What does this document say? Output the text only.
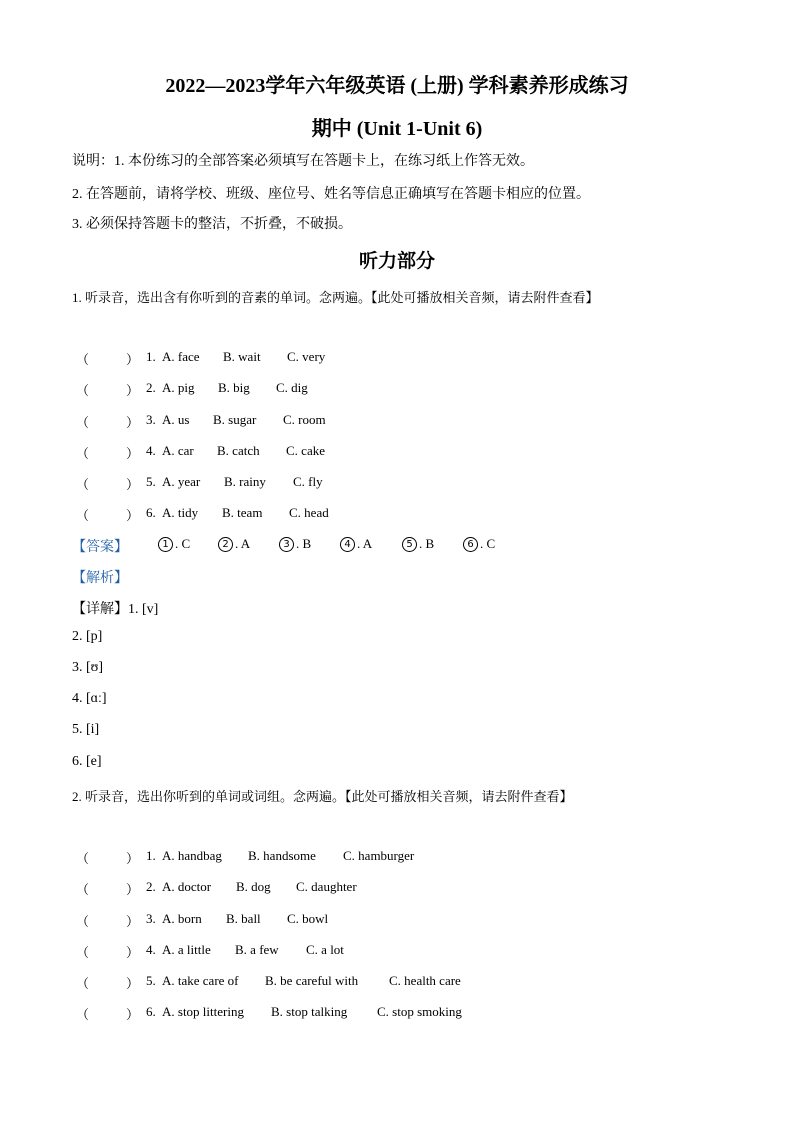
2022—2023学年六年级英语 (上册) 学科素养形成练习
期中 (Unit 1-Unit 6)
说明：1. 本份练习的全部答案必须填写在答题卡上，在练习纸上作答无效。
2. 在答题前，请将学校、班级、座位号、姓名等信息正确填写在答题卡相应的位置。
3. 必须保持答题卡的整洁，不折叠，不破损。
听力部分
1. 听录音，选出含有你听到的音素的单词。念两遍。【此处可播放相关音频，请去附件查看】
（	） 1. A. face B. wait C. very
（	） 2. A. pig B. big C. dig
（	） 3. A. us B. sugar C. room
（	） 4. A. car B. catch C. cake
（	） 5. A. year B. rainy C. fly
（	） 6. A. tidy B. team C. head
【答案】	1 . C	2 . A	3 . B	4 . A	5 . B	6 . C
【解析】
【详解】1. [v]
2. [p]
3. [ʊ]
4. [ɑː]
5. [i]
6. [e]
2. 听录音，选出你听到的单词或词组。念两遍。【此处可播放相关音频，请去附件查看】
（	） 1. A. handbag B. handsome C. hamburger
（	） 2. A. doctor B. dog C. daughter
（	） 3. A. born B. ball C. bowl
（	） 4. A. a little B. a few C. a lot
（	） 5. A. take care of B. be careful with C. health care
（	） 6. A. stop littering B. stop talking C. stop smoking
